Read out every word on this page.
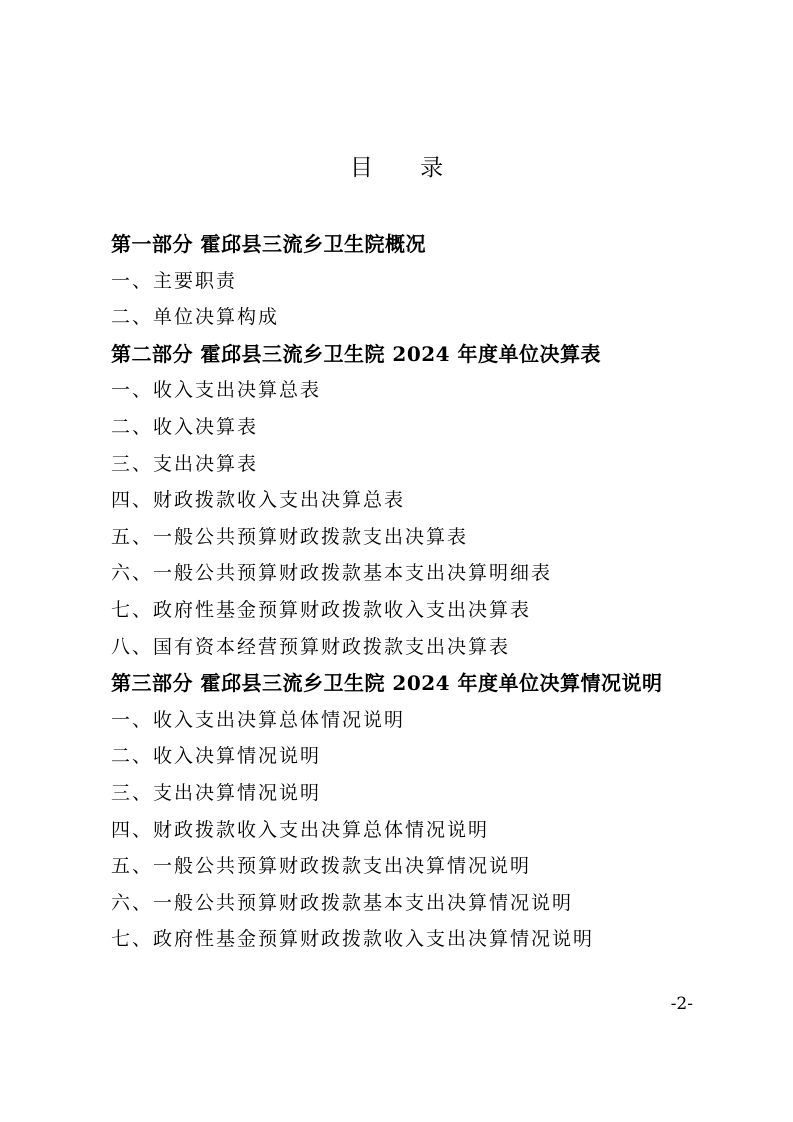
目 录
第一部分 霍邱县三流乡卫生院概况
一、主要职责
二、单位决算构成
第二部分 霍邱县三流乡卫生院 2024 年度单位决算表
一、收入支出决算总表
二、收入决算表
三、支出决算表
四、财政拨款收入支出决算总表
五、一般公共预算财政拨款支出决算表
六、一般公共预算财政拨款基本支出决算明细表
七、政府性基金预算财政拨款收入支出决算表
八、国有资本经营预算财政拨款支出决算表
第三部分 霍邱县三流乡卫生院 2024 年度单位决算情况说明
一、收入支出决算总体情况说明
二、收入决算情况说明
三、支出决算情况说明
四、财政拨款收入支出决算总体情况说明
五、一般公共预算财政拨款支出决算情况说明
六、一般公共预算财政拨款基本支出决算情况说明
七、政府性基金预算财政拨款收入支出决算情况说明
-2-
